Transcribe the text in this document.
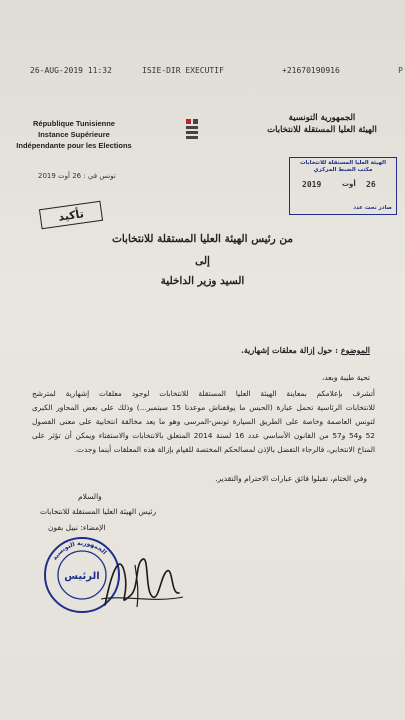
26-AUG-2019 11:32	ISIE-DIR EXECUTIF	+21670190916	P
République Tunisienne
Instance Supérieure
Indépendante pour les Elections
الجمهورية التونسية
الهيئة العليا المستقلة للانتخابات
الهيئة العليا المستقلة للانتخابات
مكتب الضبط المركزي
2019	أوت 26
صادر تحت عدد
تونس في : 26 أوت 2019
تأكيد
من رئيس الهيئة العليا المستقلة للانتخابات
إلى
السيد وزير الداخلية
الموضوع : حول إزالة معلقات إشهارية.
تحية طيبة وبعد،
أتشرف بإعلامكم بمعاينة الهيئة العليا المستقلة للانتخابات لوجود معلقات إشهارية لمترشح
للانتخابات الرئاسية تحمل عبارة (الحبس ما يوقفناش موعدنا 15 سبتمبر...) وذلك على بعض المحاور الكبرى
لتونس العاصمة وخاصة على الطريق السيارة تونس-المرسى وهو ما يعد مخالفة انتخابية على معنى الفصول
52 و54 و57 من القانون الأساسي عدد 16 لسنة 2014 المتعلق بالانتخابات والاستفتاء ويمكن أن تؤثر على
المناخ الانتخابي، فالرجاء التفضل بالإذن لمصالحكم المختصة للقيام بإزالة هذه المعلقات أينما وجدت.
وفي الختام، تقبلوا فائق عبارات الاحترام والتقدير.
والسلام
رئيس الهيئة العليا المستقلة للانتخابات
الإمضاء: نبيل بفون
الجمهورية التونسية
الرئيس
